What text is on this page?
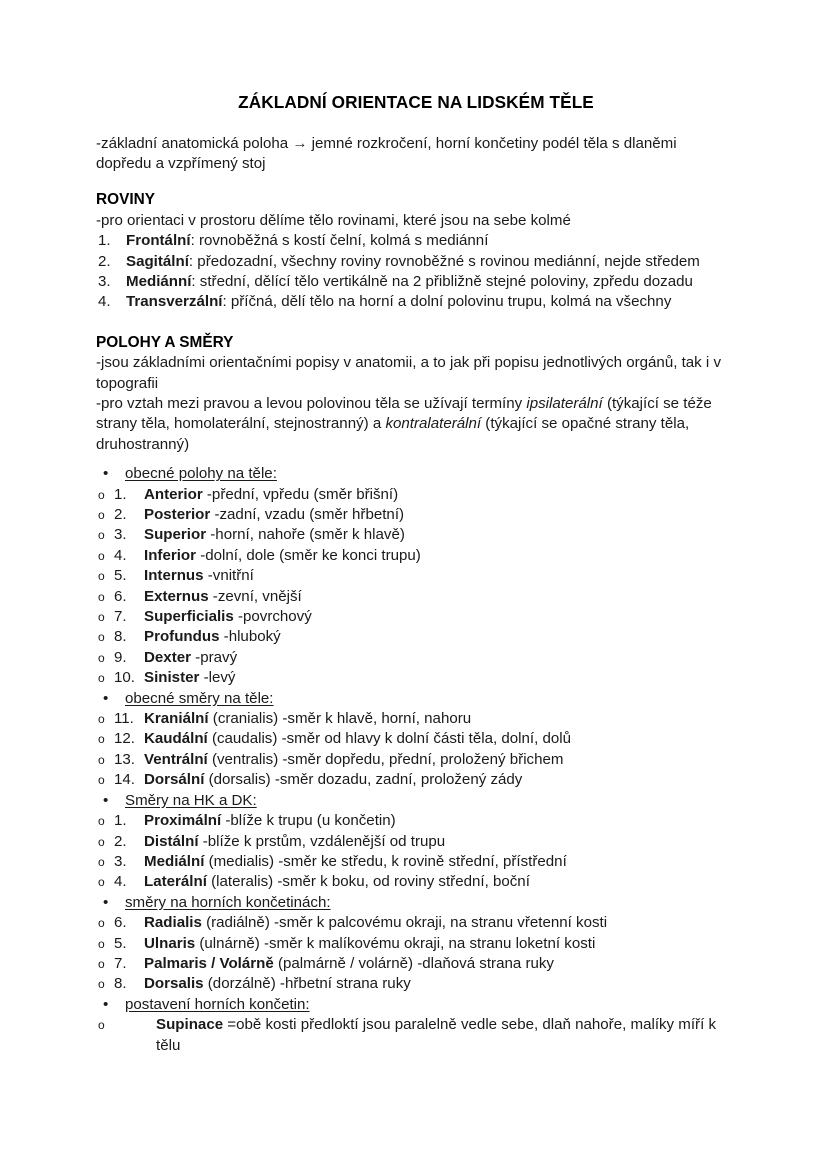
ZÁKLADNÍ ORIENTACE NA LIDSKÉM TĚLE

-základní anatomická poloha → jemné rozkročení, horní končetiny podél těla s dlaněmi dopředu a vzpřímený stoj

ROVINY

-pro orientaci v prostoru dělíme tělo rovinami, které jsou na sebe kolmé

1.	Frontální: rovnoběžná s kostí čelní, kolmá s mediánní
2.	Sagitální: předozadní, všechny roviny rovnoběžné s rovinou mediánní, nejde středem
3.	Mediánní: střední, dělící tělo vertikálně na 2 přibližně stejné poloviny, zpředu dozadu
4.	Transverzální: příčná, dělí tělo na horní a dolní polovinu trupu, kolmá na všechny
POLOHY A SMĚRY

-jsou základními orientačními popisy v anatomii, a to jak při popisu jednotlivých orgánů, tak i v topografii

-pro vztah mezi pravou a levou polovinou těla se užívají termíny ipsilaterální (týkající se téže strany těla, homolaterální, stejnostranný) a kontralaterální (týkající se opačné strany těla, druhostranný)

• obecné polohy na těle:
o 1.	Anterior -přední, vpředu (směr břišní)
o 2.	Posterior -zadní, vzadu (směr hřbetní)
o 3.	Superior -horní, nahoře (směr k hlavě)
o 4.	Inferior -dolní, dole (směr ke konci trupu)
o 5.	Internus -vnitřní
o 6.	Externus -zevní, vnější
o 7.	Superficialis -povrchový
o 8.	Profundus -hluboký
o 9.	Dexter -pravý
o 10. Sinister -levý
• obecné směry na těle:
o 11. Kraniální (cranialis) -směr k hlavě, horní, nahoru
o 12. Kaudální (caudalis) -směr od hlavy k dolní části těla, dolní, dolů
o 13. Ventrální (ventralis) -směr dopředu, přední, proložený břichem
o 14. Dorsální (dorsalis) -směr dozadu, zadní, proložený zády
• Směry na HK a DK:
o 1.	Proximální -blíže k trupu (u končetin)
o 2.	Distální -blíže k prstům, vzdálenější od trupu
o 3.	Mediální (medialis) -směr ke středu, k rovině střední, přístřední
o 4.	Laterální (lateralis) -směr k boku, od roviny střední, boční
• směry na horních končetinách:
o 6.	Radialis (radiálně) -směr k palcovému okraji, na stranu vřetenní kosti
o 5.	Ulnaris (ulnárně) -směr k malíkovému okraji, na stranu loketní kosti
o 7.	Palmaris / Volárně (palmárně / volárně) -dlaňová strana ruky
o 8.	Dorsalis (dorzálně) -hřbetní strana ruky
• postavení horních končetin:
o	Supinace =obě kosti předloktí jsou paralelně vedle sebe, dlaň nahoře, malíky míří k tělu
